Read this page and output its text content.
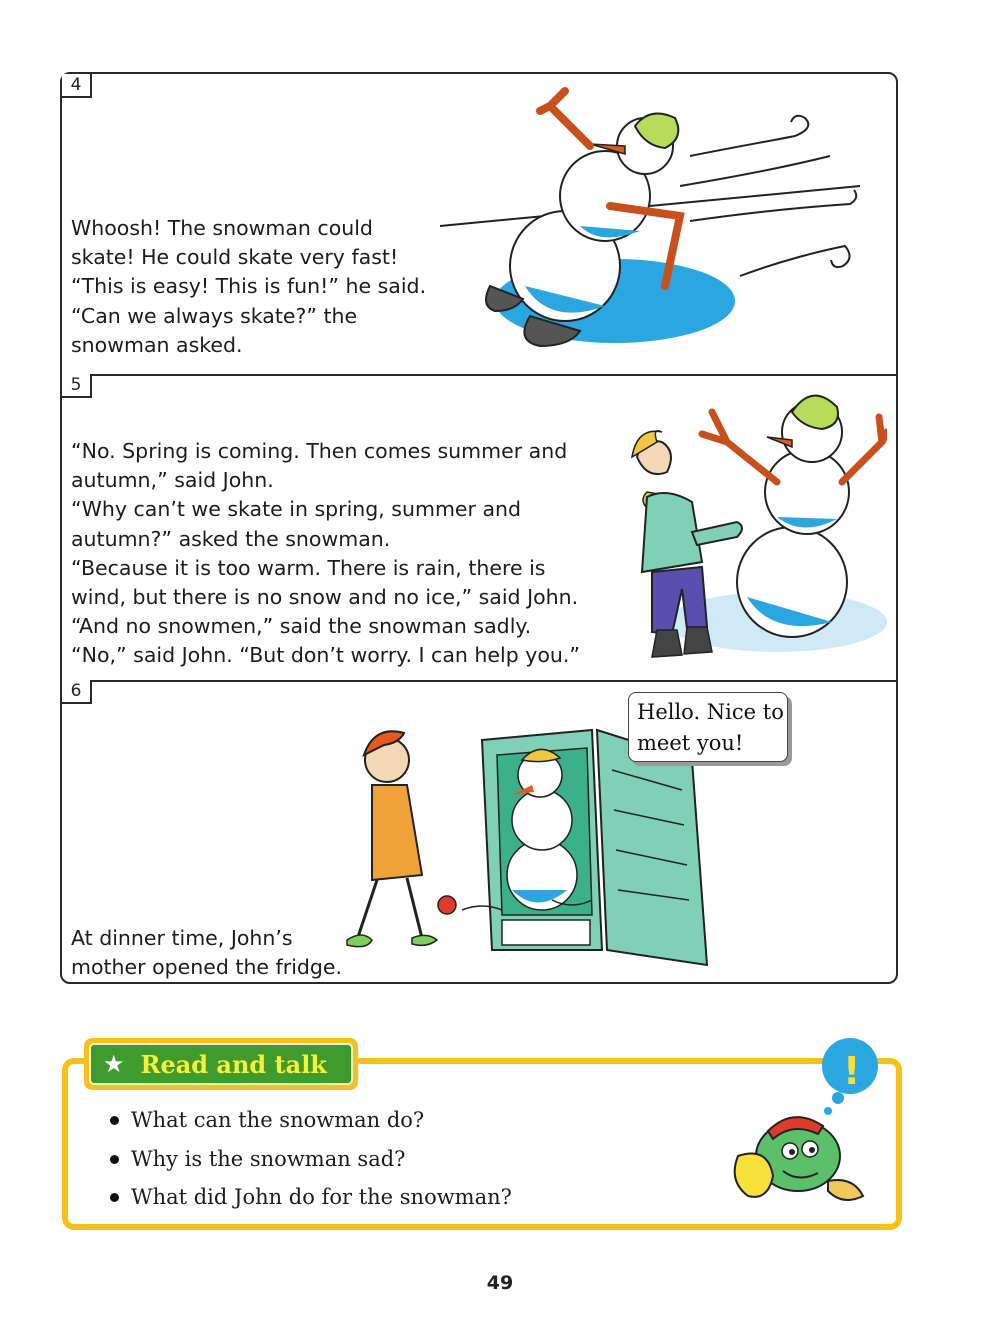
4
Whoosh! The snowman could
skate! He could skate very fast!
“This is easy! This is fun!” he said.
“Can we always skate?” the
snowman asked.
5
“No. Spring is coming. Then comes summer and
autumn,” said John.
“Why can’t we skate in spring, summer and
autumn?” asked the snowman.
“Because it is too warm. There is rain, there is
wind, but there is no snow and no ice,” said John.
“And no snowmen,” said the snowman sadly.
“No,” said John. “But don’t worry. I can help you.”
6
At dinner time, John’s
mother opened the fridge.
Hello. Nice to
meet you!
★ Read and talk
What can the snowman do?
Why is the snowman sad?
What did John do for the snowman?
!
49
